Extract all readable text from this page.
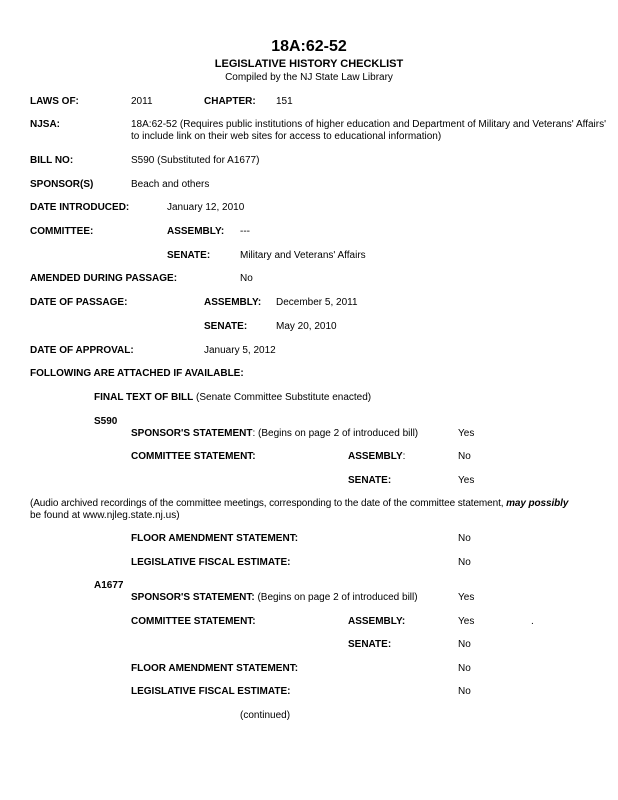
18A:62-52
LEGISLATIVE HISTORY CHECKLIST
Compiled by the NJ State Law Library
LAWS OF:	2011	CHAPTER: 151
NJSA:	18A:62-52 (Requires public institutions of higher education and Department of Military and Veterans' Affairs'
to include link on their web sites for access to educational information)
BILL NO:	S590 (Substituted for A1677)
SPONSOR(S)	Beach and others
DATE INTRODUCED:	January 12, 2010
COMMITTEE:	ASSEMBLY: ---
SENATE:	Military and Veterans' Affairs
AMENDED DURING PASSAGE:	No
DATE OF PASSAGE:	ASSEMBLY: December 5, 2011
SENATE:	May 20, 2010
DATE OF APPROVAL:	January 5, 2012
FOLLOWING ARE ATTACHED IF AVAILABLE:
FINAL TEXT OF BILL (Senate Committee Substitute enacted)
S590
SPONSOR'S STATEMENT: (Begins on page 2 of introduced bill)	Yes
COMMITTEE STATEMENT:	ASSEMBLY:	No
SENATE:	Yes
(Audio archived recordings of the committee meetings, corresponding to the date of the committee statement, may possibly
be found at www.njleg.state.nj.us)
FLOOR AMENDMENT STATEMENT:	No
LEGISLATIVE FISCAL ESTIMATE:	No
A1677
SPONSOR'S STATEMENT: (Begins on page 2 of introduced bill)	Yes
COMMITTEE STATEMENT:	ASSEMBLY:	Yes	.
SENATE:	No
FLOOR AMENDMENT STATEMENT:	No
LEGISLATIVE FISCAL ESTIMATE:	No
(continued)
